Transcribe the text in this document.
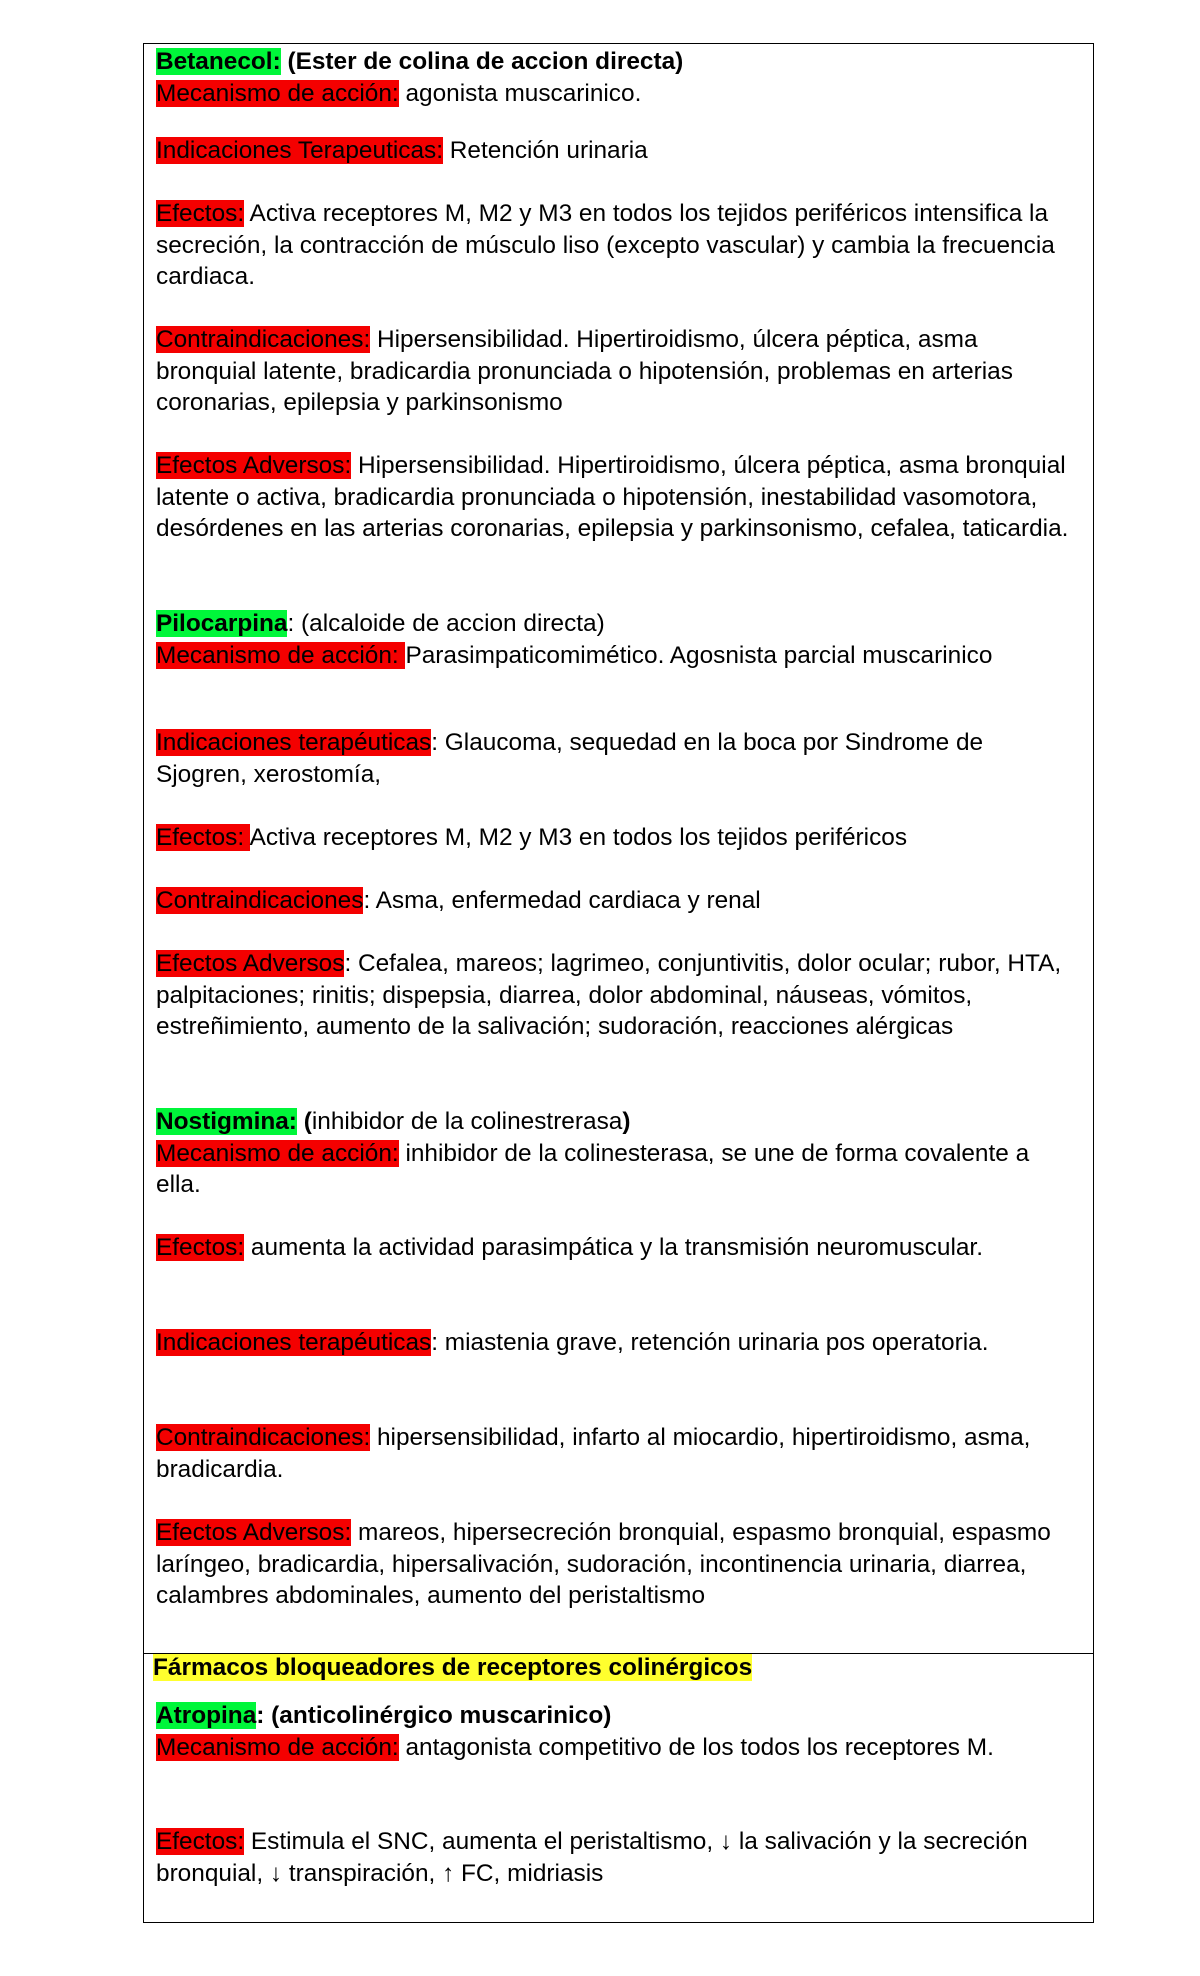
Betanecol: (Ester de colina de accion directa)
Mecanismo de acción: agonista muscarinico.
Indicaciones Terapeuticas: Retención urinaria
Efectos: Activa receptores M, M2 y M3 en todos los tejidos periféricos intensifica la secreción, la contracción de músculo liso (excepto vascular) y cambia la frecuencia cardiaca.
Contraindicaciones: Hipersensibilidad. Hipertiroidismo, úlcera péptica, asma bronquial latente, bradicardia pronunciada o hipotensión, problemas en arterias coronarias, epilepsia y parkinsonismo
Efectos Adversos: Hipersensibilidad. Hipertiroidismo, úlcera péptica, asma bronquial latente o activa, bradicardia pronunciada o hipotensión, inestabilidad vasomotora, desórdenes en las arterias coronarias, epilepsia y parkinsonismo, cefalea, taticardia.
Pilocarpina: (alcaloide de accion directa)
Mecanismo de acción: Parasimpaticomimético. Agosnista parcial muscarinico
Indicaciones terapéuticas: Glaucoma, sequedad en la boca por Sindrome de Sjogren, xerostomía,
Efectos: Activa receptores M, M2 y M3 en todos los tejidos periféricos
Contraindicaciones: Asma, enfermedad cardiaca y renal
Efectos Adversos: Cefalea, mareos; lagrimeo, conjuntivitis, dolor ocular; rubor, HTA, palpitaciones; rinitis; dispepsia, diarrea, dolor abdominal, náuseas, vómitos, estreñimiento, aumento de la salivación; sudoración, reacciones alérgicas
Nostigmina: (inhibidor de la colinestrerasa)
Mecanismo de acción: inhibidor de la colinesterasa, se une de forma covalente a ella.
Efectos: aumenta la actividad parasimpática y la transmisión neuromuscular.
Indicaciones terapéuticas: miastenia grave, retención urinaria pos operatoria.
Contraindicaciones: hipersensibilidad, infarto al miocardio, hipertiroidismo, asma, bradicardia.
Efectos Adversos: mareos, hipersecreción bronquial, espasmo bronquial, espasmo laríngeo, bradicardia, hipersalivación, sudoración, incontinencia urinaria, diarrea, calambres abdominales, aumento del peristaltismo
Fármacos bloqueadores de receptores colinérgicos
Atropina: (anticolinérgico muscarinico)
Mecanismo de acción: antagonista competitivo de los todos los receptores M.
Efectos: Estimula el SNC, aumenta el peristaltismo, ↓ la salivación y la secreción bronquial, ↓ transpiración, ↑ FC, midriasis
